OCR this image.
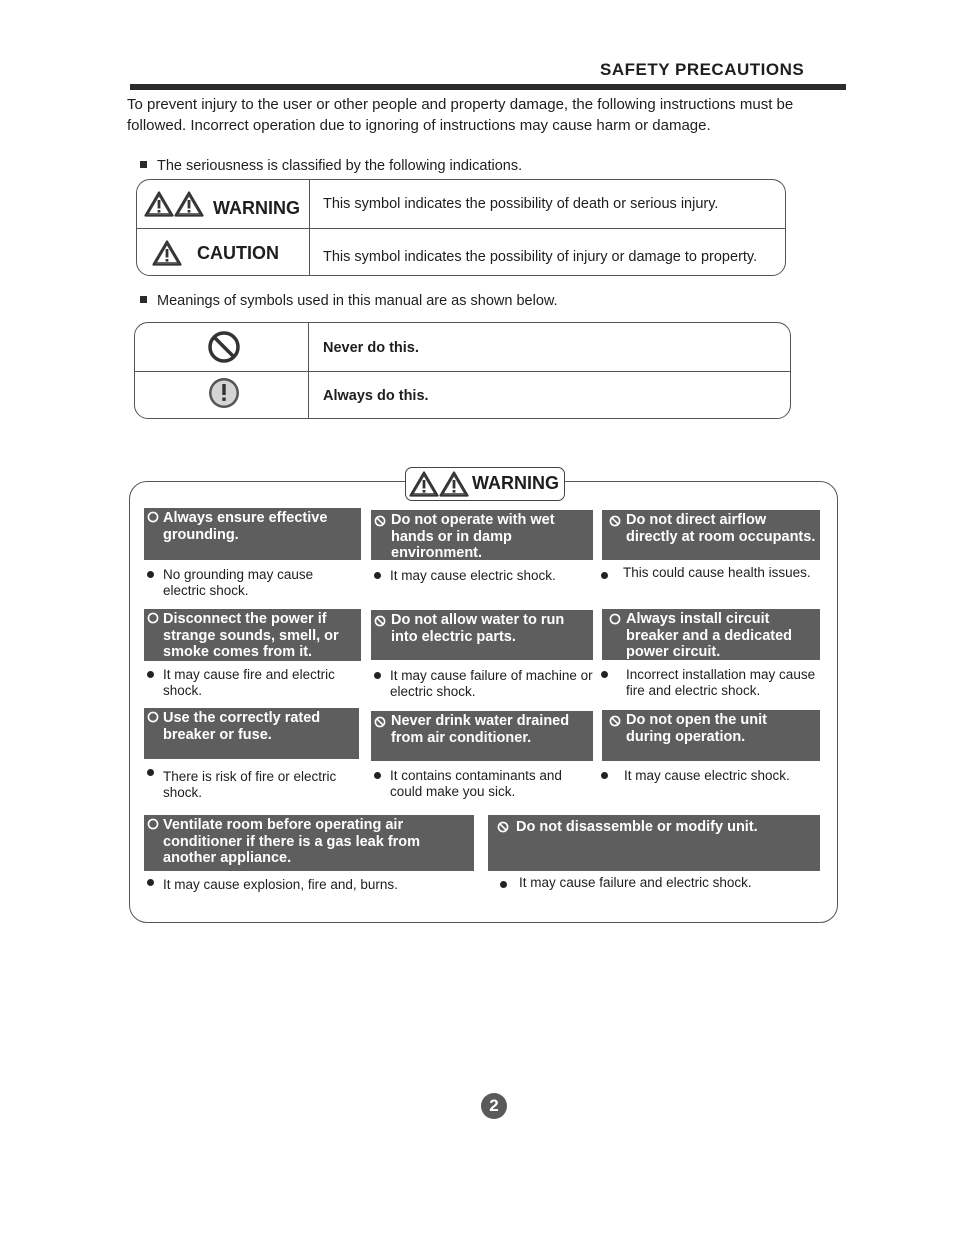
SAFETY PRECAUTIONS
To prevent injury to the user or other people and property damage, the following instructions must be followed. Incorrect operation due to ignoring of instructions may cause harm or damage.
The seriousness is classified by the following indications.
WARNING	This symbol indicates the possibility of death or serious injury.
CAUTION	This symbol indicates the possibility of injury or damage to property.
Meanings of symbols used in this manual are as shown below.
Never do this.
Always do this.
WARNING
Always ensure effective grounding.
No grounding may cause electric shock.
Do not operate with wet hands or in damp environment.
It may cause electric shock.
Do not direct airflow directly at room occupants.
This could cause health issues.
Disconnect the power if strange sounds, smell, or smoke comes from it.
It may cause fire and electric shock.
Do not allow water to run into electric parts.
It may cause failure of machine or electric shock.
Always install circuit breaker and a dedicated power circuit.
Incorrect installation may cause fire and electric shock.
Use the correctly rated breaker or fuse.
There is risk of fire or electric shock.
Never drink water drained from air conditioner.
It contains contaminants and could make you sick.
Do not open the unit during operation.
It may cause electric shock.
Ventilate room before operating air conditioner if there is a gas leak from another appliance.
It may cause explosion, fire and, burns.
Do not disassemble or modify unit.
It may cause failure and electric shock.
2
